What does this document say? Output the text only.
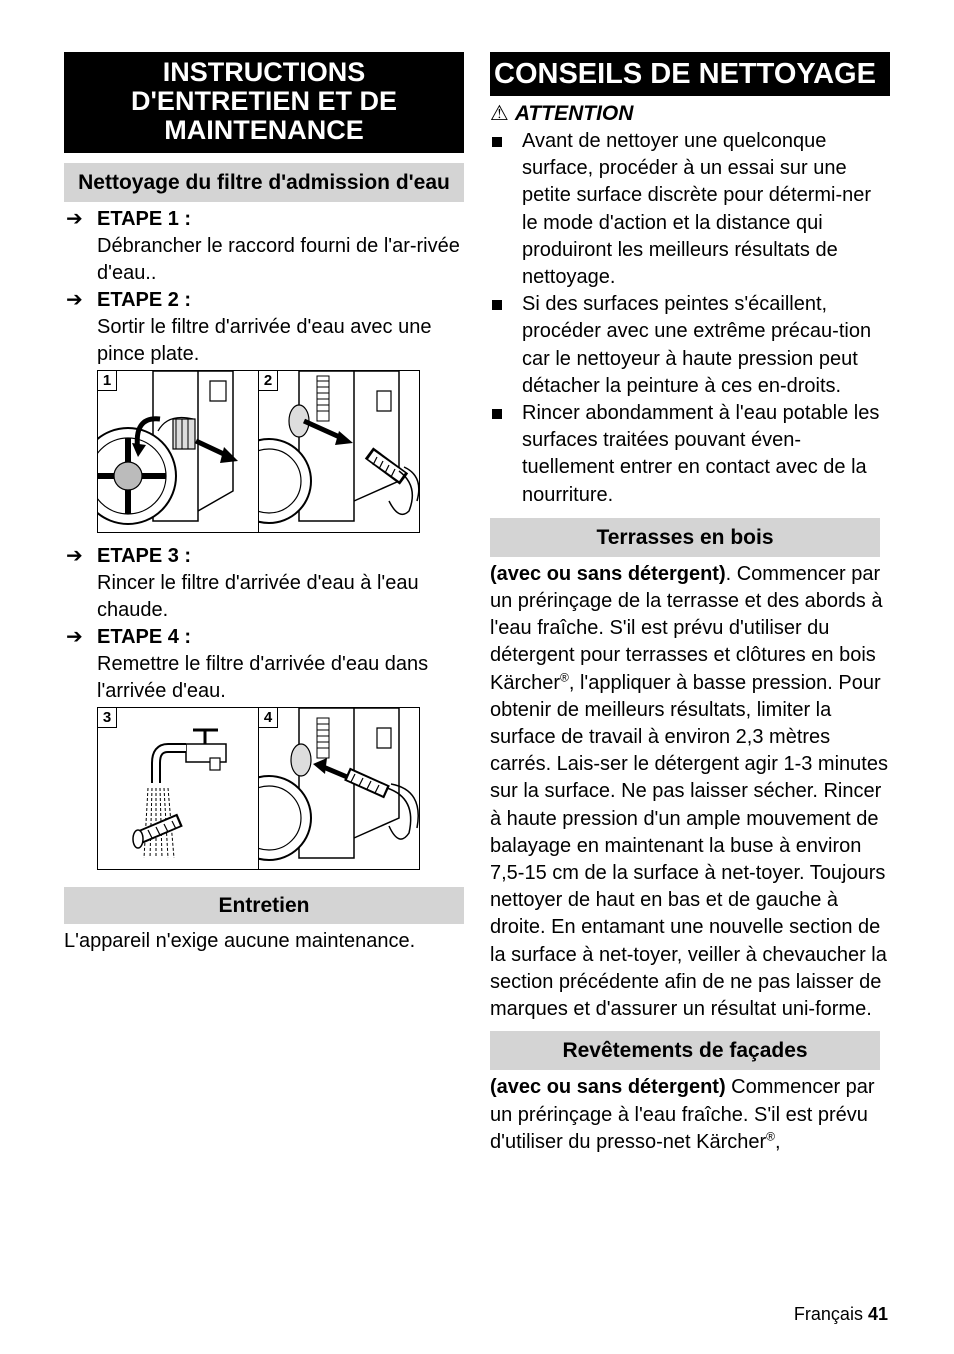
INSTRUCTIONS D'ENTRETIEN ET DE MAINTENANCE
Nettoyage du filtre d'admission d'eau
➔ ETAPE 1 :
Débrancher le raccord fourni de l'ar-rivée d'eau..
➔ ETAPE 2 :
Sortir le filtre d'arrivée d'eau avec une pince plate.
1	2
➔ ETAPE 3 :
Rincer le filtre d'arrivée d'eau à l'eau chaude.
➔ ETAPE 4 :
Remettre le filtre d'arrivée d'eau dans l'arrivée d'eau.
3	4
Entretien
L'appareil n'exige aucune maintenance.
CONSEILS DE NETTOYAGE
⚠ ATTENTION
Avant de nettoyer une quelconque surface, procéder à un essai sur une petite surface discrète pour détermi-ner le mode d'action et la distance qui produiront les meilleurs résultats de nettoyage.
Si des surfaces peintes s'écaillent, procéder avec une extrême précau-tion car le nettoyeur à haute pression peut détacher la peinture à ces en-droits.
Rincer abondamment à l'eau potable les surfaces traitées pouvant éven-tuellement entrer en contact avec de la nourriture.
Terrasses en bois
(avec ou sans détergent). Commencer par un prérinçage de la terrasse et des abords à l'eau fraîche. S'il est prévu d'utiliser du détergent pour terrasses et clôtures en bois Kärcher®, l'appliquer à basse pression. Pour obtenir de meilleurs résultats, limiter la surface de travail à environ 2,3 mètres carrés. Lais-ser le détergent agir 1-3 minutes sur la surface. Ne pas laisser sécher. Rincer à haute pression d'un ample mouvement de balayage en maintenant la buse à environ 7,5-15 cm de la surface à net-toyer. Toujours nettoyer de haut en bas et de gauche à droite. En entamant une nouvelle section de la surface à net-toyer, veiller à chevaucher la section précédente afin de ne pas laisser de marques et d'assurer un résultat uni-forme.
Revêtements de façades
(avec ou sans détergent) Commencer par un prérinçage à l'eau fraîche. S'il est prévu d'utiliser du presso-net Kärcher®,
Français 41
